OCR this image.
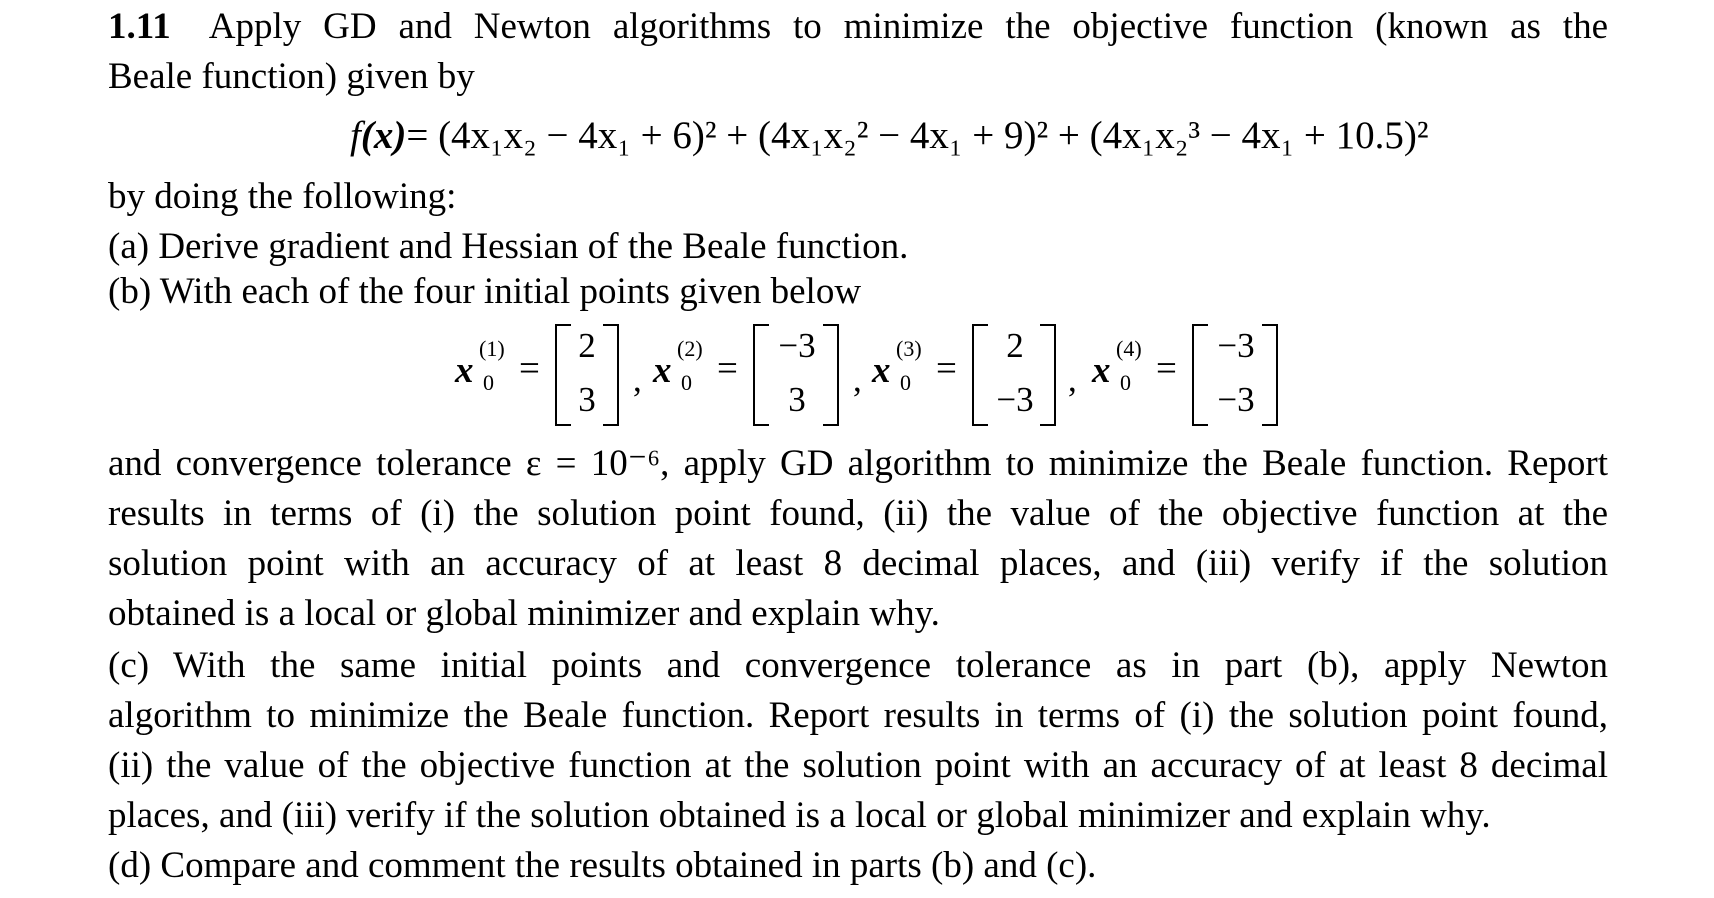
1.11 Apply GD and Newton algorithms to minimize the objective function (known as the
Beale function) given by
f(x)= (4x₁x₂ − 4x₁ + 6)² + (4x₁x₂² − 4x₁ + 9)² + (4x₁x₂³ − 4x₁ + 10.5)²
by doing the following:
(a) Derive gradient and Hessian of the Beale function.
(b) With each of the four initial points given below
x
(1)
0 =
2
3
, x
(2)
0 =
−3
3
, x
(3)
0 =
2
−3
, x
(4)
0 =
−3
−3
and convergence tolerance ε = 10⁻⁶, apply GD algorithm to minimize the Beale function. Report
results in terms of (i) the solution point found, (ii) the value of the objective function at the
solution point with an accuracy of at least 8 decimal places, and (iii) verify if the solution
obtained is a local or global minimizer and explain why.
(c) With the same initial points and convergence tolerance as in part (b), apply Newton
algorithm to minimize the Beale function. Report results in terms of (i) the solution point found,
(ii) the value of the objective function at the solution point with an accuracy of at least 8 decimal
places, and (iii) verify if the solution obtained is a local or global minimizer and explain why.
(d) Compare and comment the results obtained in parts (b) and (c).
